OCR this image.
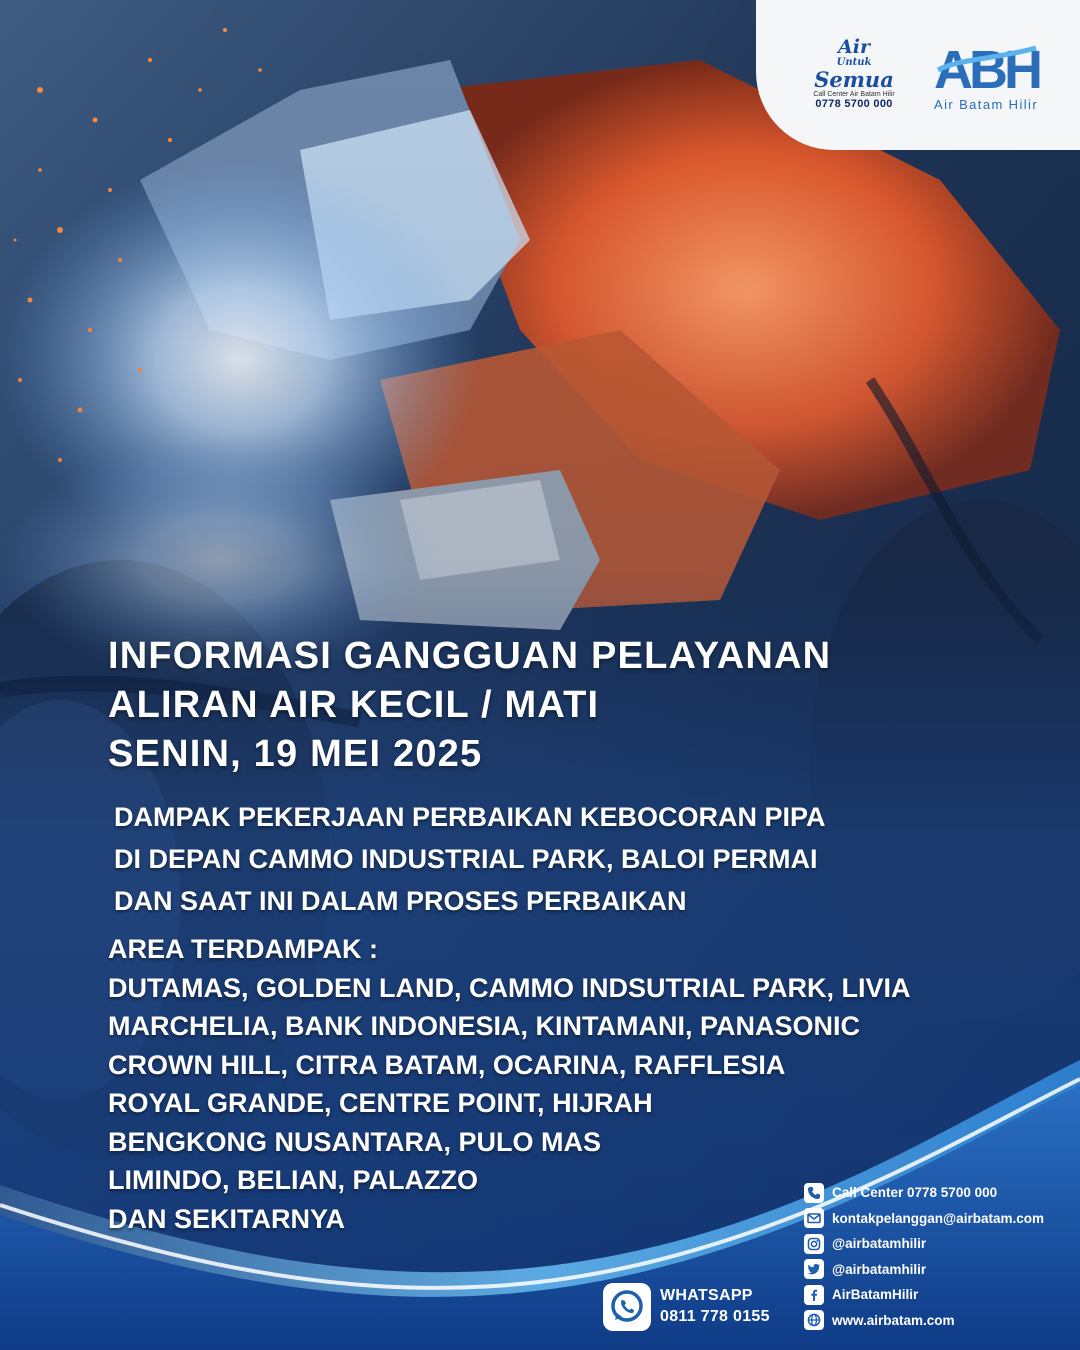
Air
Untuk
Semua
Call Center Air Batam Hilir
0778 5700 000
ABH
Air Batam Hilir
INFORMASI GANGGUAN PELAYANAN
ALIRAN AIR KECIL / MATI
SENIN, 19 MEI 2025
DAMPAK PEKERJAAN PERBAIKAN KEBOCORAN PIPA
DI DEPAN CAMMO INDUSTRIAL PARK, BALOI PERMAI
DAN SAAT INI DALAM PROSES PERBAIKAN
AREA TERDAMPAK :
DUTAMAS, GOLDEN LAND, CAMMO INDSUTRIAL PARK, LIVIA
MARCHELIA, BANK INDONESIA, KINTAMANI, PANASONIC
CROWN HILL, CITRA BATAM, OCARINA, RAFFLESIA
ROYAL GRANDE, CENTRE POINT, HIJRAH
BENGKONG NUSANTARA, PULO MAS
LIMINDO, BELIAN, PALAZZO
DAN SEKITARNYA
WHATSAPP
0811 778 0155
Call Center 0778 5700 000
kontakpelanggan@airbatam.com
@airbatamhilir
@airbatamhilir
AirBatamHilir
www.airbatam.com
